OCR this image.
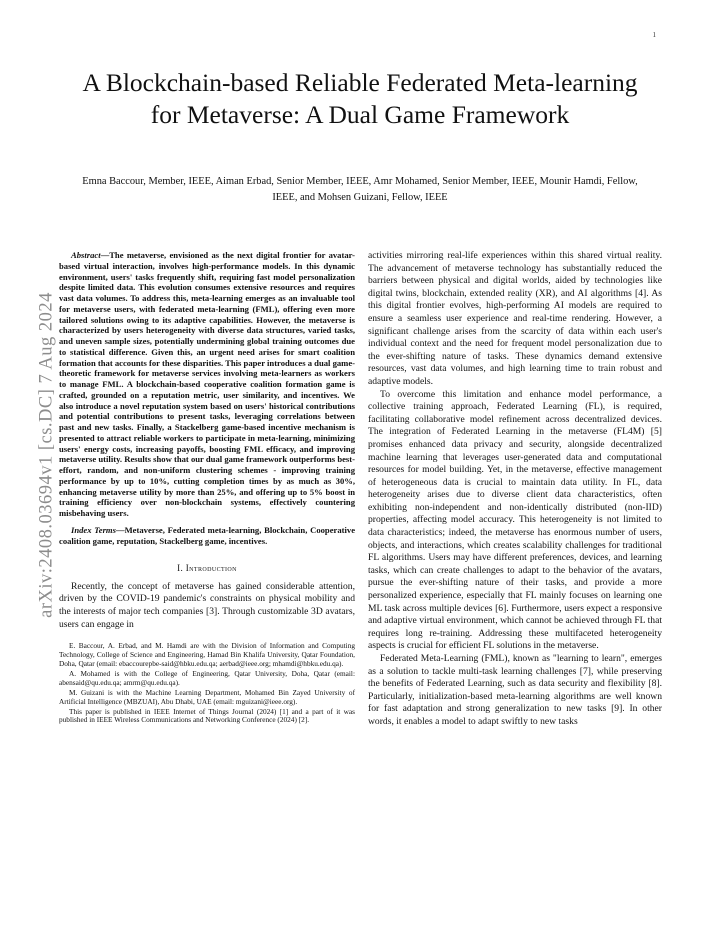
1
arXiv:2408.03694v1 [cs.DC] 7 Aug 2024
A Blockchain-based Reliable Federated Meta-learning for Metaverse: A Dual Game Framework

Emna Baccour, Member, IEEE, Aiman Erbad, Senior Member, IEEE, Amr Mohamed, Senior Member, IEEE, Mounir Hamdi, Fellow, IEEE, and Mohsen Guizani, Fellow, IEEE

Abstract—The metaverse, envisioned as the next digital frontier for avatar-based virtual interaction, involves high-performance models. In this dynamic environment, users' tasks frequently shift, requiring fast model personalization despite limited data. This evolution consumes extensive resources and requires vast data volumes. To address this, meta-learning emerges as an invaluable tool for metaverse users, with federated meta-learning (FML), offering even more tailored solutions owing to its adaptive capabilities. However, the metaverse is characterized by users heterogeneity with diverse data structures, varied tasks, and uneven sample sizes, potentially undermining global training outcomes due to statistical difference. Given this, an urgent need arises for smart coalition formation that accounts for these disparities. This paper introduces a dual game-theoretic framework for metaverse services involving meta-learners as workers to manage FML. A blockchain-based cooperative coalition formation game is crafted, grounded on a reputation metric, user similarity, and incentives. We also introduce a novel reputation system based on users' historical contributions and potential contributions to present tasks, leveraging correlations between past and new tasks. Finally, a Stackelberg game-based incentive mechanism is presented to attract reliable workers to participate in meta-learning, minimizing users' energy costs, increasing payoffs, boosting FML efficacy, and improving metaverse utility. Results show that our dual game framework outperforms best-effort, random, and non-uniform clustering schemes - improving training performance by up to 10%, cutting completion times by as much as 30%, enhancing metaverse utility by more than 25%, and offering up to 5% boost in training efficiency over non-blockchain systems, effectively countering misbehaving users.

Index Terms—Metaverse, Federated meta-learning, Blockchain, Cooperative coalition game, reputation, Stackelberg game, incentives.

I. Introduction

Recently, the concept of metaverse has gained considerable attention, driven by the COVID-19 pandemic's constraints on physical mobility and the interests of major tech companies [3]. Through customizable 3D avatars, users can engage in

E. Baccour, A. Erbad, and M. Hamdi are with the Division of Information and Computing Technology, College of Science and Engineering, Hamad Bin Khalifa University, Qatar Foundation, Doha, Qatar (email: ebaccourepbe-said@hbku.edu.qa; aerbad@ieee.org; mhamdi@hbku.edu.qa).

A. Mohamed is with the College of Engineering, Qatar University, Doha, Qatar (email: abensaid@qu.edu.qa; amrm@qu.edu.qa).

M. Guizani is with the Machine Learning Department, Mohamed Bin Zayed University of Artificial Intelligence (MBZUAI), Abu Dhabi, UAE (email: mguizani@ieee.org).

This paper is published in IEEE Internet of Things Journal (2024) [1] and a part of it was published in IEEE Wireless Communications and Networking Conference (2024) [2].

activities mirroring real-life experiences within this shared virtual reality. The advancement of metaverse technology has substantially reduced the barriers between physical and digital worlds, aided by technologies like digital twins, blockchain, extended reality (XR), and AI algorithms [4]. As this digital frontier evolves, high-performing AI models are required to ensure a seamless user experience and real-time rendering. However, a significant challenge arises from the scarcity of data within each user's individual context and the need for frequent model personalization due to the ever-shifting nature of tasks. These dynamics demand extensive resources, vast data volumes, and high learning time to train robust and adaptive models.

To overcome this limitation and enhance model performance, a collective training approach, Federated Learning (FL), is required, facilitating collaborative model refinement across decentralized devices. The integration of Federated Learning in the metaverse (FL4M) [5] promises enhanced data privacy and security, alongside decentralized machine learning that leverages user-generated data and computational resources for model building. Yet, in the metaverse, effective management of heterogeneous data is crucial to maintain data utility. In FL, data heterogeneity arises due to diverse client data characteristics, often exhibiting non-independent and non-identically distributed (non-IID) properties, affecting model accuracy. This heterogeneity is not limited to data characteristics; indeed, the metaverse has enormous number of users, objects, and interactions, which creates scalability challenges for traditional FL algorithms. Users may have different preferences, devices, and learning tasks, which can create challenges to adapt to the behavior of the avatars, pursue the ever-shifting nature of their tasks, and provide a more personalized experience, especially that FL mainly focuses on learning one ML task across multiple devices [6]. Furthermore, users expect a responsive and adaptive virtual environment, which cannot be achieved through FL that requires long re-training. Addressing these multifaceted heterogeneity aspects is crucial for efficient FL solutions in the metaverse.

Federated Meta-Learning (FML), known as "learning to learn", emerges as a solution to tackle multi-task learning challenges [7], while preserving the benefits of Federated Learning, such as data security and flexibility [8]. Particularly, initialization-based meta-learning algorithms are well known for fast adaptation and strong generalization to new tasks [9]. In other words, it enables a model to adapt swiftly to new tasks
